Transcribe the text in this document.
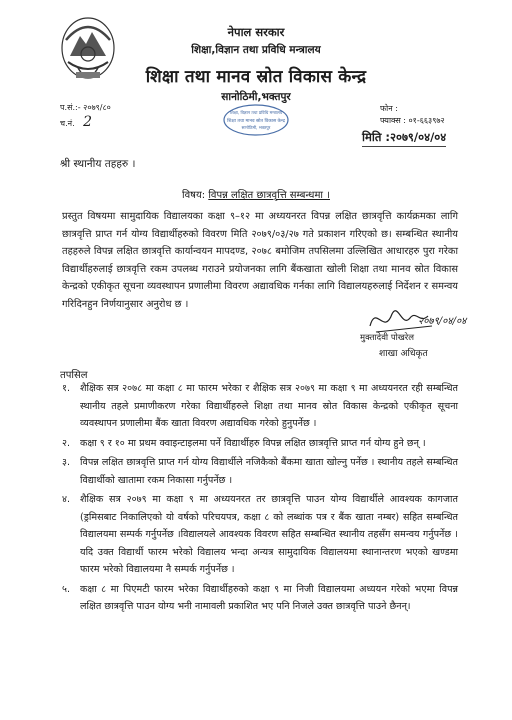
नेपाल सरकार
शिक्षा,विज्ञान तथा प्रविधि मन्त्रालय
शिक्षा तथा मानव स्रोत विकास केन्द्र
सानोठिमी,भक्तपुर
शिक्षा, विज्ञान तथा प्रविधि मन्त्रालय
शिक्षा तथा मानव स्रोत विकास केन्द्र
सानोठिमी, भक्तपुर
प.सं.:- २०७९/८०
च.नं. 2
फोन :
फ्याक्स : ०१-६६३९७२
मिति :२०७९/०४/०४
श्री स्थानीय तहहरु ।
विषय: विपन्न लक्षित छात्रवृत्ति सम्बन्धमा ।
प्रस्तुत विषयमा सामुदायिक विद्यालयका कक्षा ९–१२ मा अध्ययनरत विपन्न लक्षित छात्रवृत्ति कार्यक्रमका लागि छात्रवृत्ति प्राप्त गर्न योग्य विद्यार्थीहरुको विवरण मिति २०७९/०३/२७ गते प्रकाशन गरिएको छ। सम्बन्धित स्थानीय तहहरुले विपन्न लक्षित छात्रवृत्ति कार्यान्वयन मापदण्ड, २०७८ बमोजिम तपसिलमा उल्लिखित आधारहरु पुरा गरेका विद्यार्थीहरुलाई छात्रवृत्ति रकम उपलब्ध गराउने प्रयोजनका लागि बैंकखाता खोली शिक्षा तथा मानव स्रोत विकास केन्द्रको एकीकृत सूचना व्यवस्थापन प्रणालीमा विवरण अद्यावधिक गर्नका लागि विद्यालयहरुलाई निर्देशन र समन्वय गरिदिनहुन निर्णयानुसार अनुरोध छ ।
२०७९/०४/०४
मुक्तादेवी पोखरेल
शाखा अधिकृत
तपसिल
१. शैक्षिक सत्र २०७८ मा कक्षा ८ मा फारम भरेका र शैक्षिक सत्र २०७९ मा कक्षा ९ मा अध्ययनरत रही सम्बन्धित स्थानीय तहले प्रमाणीकरण गरेका विद्यार्थीहरुले शिक्षा तथा मानव स्रोत विकास केन्द्रको एकीकृत सूचना व्यवस्थापन प्रणालीमा बैंक खाता विवरण अद्यावधिक गरेको हुनुपर्नेछ ।
२. कक्षा ९ र १० मा प्रथम क्वाइन्टाइलमा पर्ने विद्यार्थीहरु विपन्न लक्षित छात्रवृत्ति प्राप्त गर्न योग्य हुने छन् ।
३. विपन्न लक्षित छात्रवृत्ति प्राप्त गर्न योग्य विद्यार्थीले नजिकैको बैंकमा खाता खोल्नु पर्नेछ । स्थानीय तहले सम्बन्धित विद्यार्थीको खातामा रकम निकासा गर्नुपर्नेछ ।
४. शैक्षिक सत्र २०७९ मा कक्षा ९ मा अध्ययनरत तर छात्रवृत्ति पाउन योग्य विद्यार्थीले आवश्यक कागजात (ड्रमिसबाट निकालिएको यो वर्षको परिचयपत्र, कक्षा ८ को लब्धांक पत्र र बैंक खाता नम्बर) सहित सम्बन्धित विद्यालयमा सम्पर्क गर्नुपर्नेछ ।विद्यालयले आवश्यक विवरण सहित सम्बन्धित स्थानीय तहसँग समन्वय गर्नुपर्नेछ । यदि उक्त विद्यार्थी फारम भरेको विद्यालय भन्दा अन्यत्र सामुदायिक विद्यालयमा स्थानान्तरण भएको खण्डमा फारम भरेको विद्यालयमा नै सम्पर्क गर्नुपर्नेछ ।
५. कक्षा ८ मा पिएमटी फारम भरेका विद्यार्थीहरुको कक्षा ९ मा निजी विद्यालयमा अध्ययन गरेको भएमा विपन्न लक्षित छात्रवृत्ति पाउन योग्य भनी नामावली प्रकाशित भए पनि निजले उक्त छात्रवृत्ति पाउने छैनन्।
